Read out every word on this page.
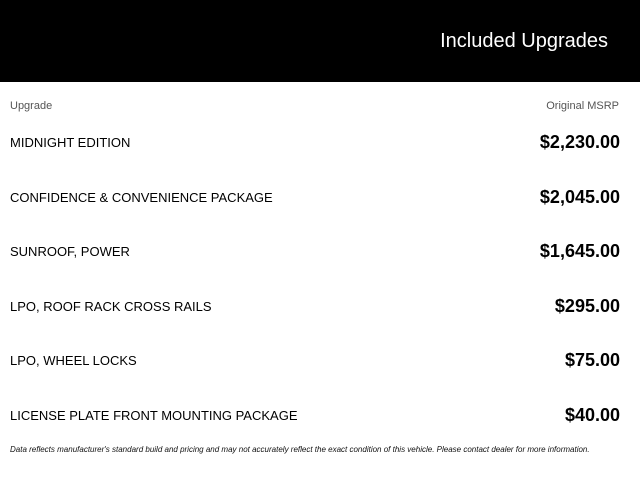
Included Upgrades
Upgrade	Original MSRP
MIDNIGHT EDITION	$2,230.00
CONFIDENCE & CONVENIENCE PACKAGE	$2,045.00
SUNROOF, POWER	$1,645.00
LPO, ROOF RACK CROSS RAILS	$295.00
LPO, WHEEL LOCKS	$75.00
LICENSE PLATE FRONT MOUNTING PACKAGE	$40.00
Data reflects manufacturer's standard build and pricing and may not accurately reflect the exact condition of this vehicle. Please contact dealer for more information.
